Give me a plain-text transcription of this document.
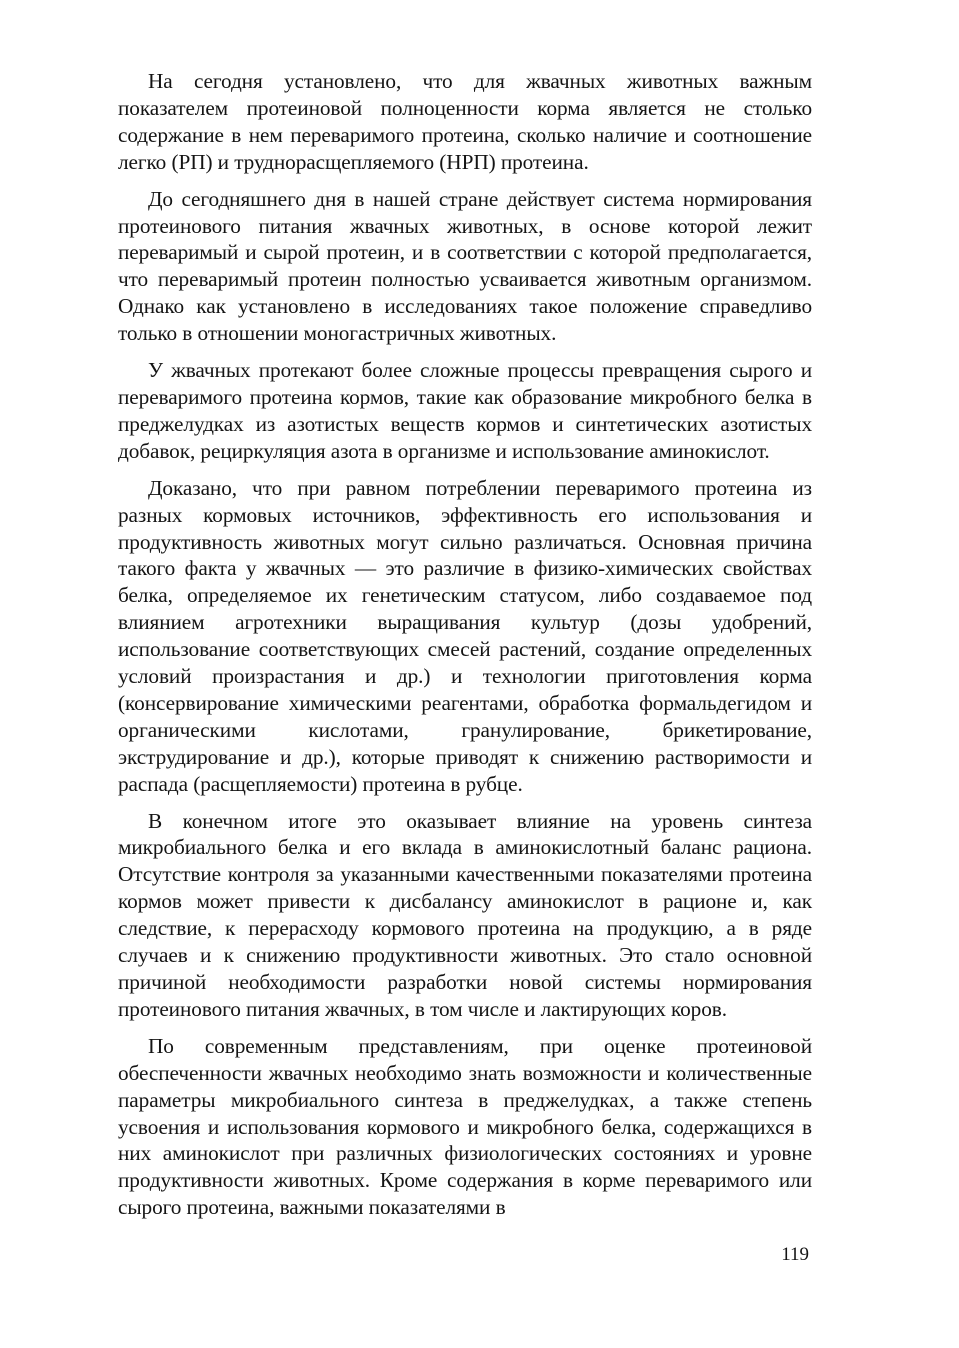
На сегодня установлено, что для жвачных животных важным показателем протеиновой полноценности корма является не столько содержание в нем переваримого протеина, сколько наличие и соотношение легко (РП) и труднорасщепляемого (НРП) протеина.

До сегодняшнего дня в нашей стране действует система нормирования протеинового питания жвачных животных, в основе которой лежит переваримый и сырой протеин, и в соответствии с которой предполагается, что переваримый протеин полностью усваивается животным организмом. Однако как установлено в исследованиях такое положение справедливо только в отношении моногастричных животных.

У жвачных протекают более сложные процессы превращения сырого и переваримого протеина кормов, такие как образование микробного белка в преджелудках из азотистых веществ кормов и синтетических азотистых добавок, рециркуляция азота в организме и использование аминокислот.

Доказано, что при равном потреблении переваримого протеина из разных кормовых источников, эффективность его использования и продуктивность животных могут сильно различаться. Основная причина такого факта у жвачных — это различие в физико-химических свойствах белка, определяемое их генетическим статусом, либо создаваемое под влиянием агротехники выращивания культур (дозы удобрений, использование соответствующих смесей растений, создание определенных условий произрастания и др.) и технологии приготовления корма (консервирование химическими реагентами, обработка формальдегидом и органическими кислотами, гранулирование, брикетирование, экструдирование и др.), которые приводят к снижению растворимости и распада (расщепляемости) протеина в рубце.

В конечном итоге это оказывает влияние на уровень синтеза микробиального белка и его вклада в аминокислотный баланс рациона. Отсутствие контроля за указанными качественными показателями протеина кормов может привести к дисбалансу аминокислот в рационе и, как следствие, к перерасходу кормового протеина на продукцию, а в ряде случаев и к снижению продуктивности животных. Это стало основной причиной необходимости разработки новой системы нормирования протеинового питания жвачных, в том числе и лактирующих коров.

По современным представлениям, при оценке протеиновой обеспеченности жвачных необходимо знать возможности и количественные параметры микробиального синтеза в преджелудках, а также степень усвоения и использования кормового и микробного белка, содержащихся в них аминокислот при различных физиологических состояниях и уровне продуктивности животных. Кроме содержания в корме переваримого или сырого протеина, важными показателями в

119
